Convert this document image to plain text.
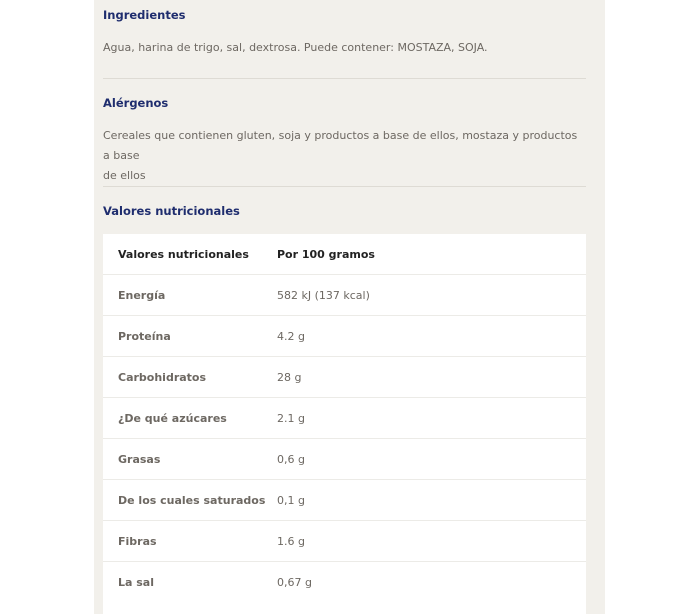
Ingredientes

Agua, harina de trigo, sal, dextrosa. Puede contener: MOSTAZA, SOJA.

Alérgenos

Cereales que contienen gluten, soja y productos a base de ellos, mostaza y productos a base

de ellos

Valores nutricionales

Valores nutricionales	Por 100 gramos
Energía	582 kJ (137 kcal)
Proteína	4.2 g
Carbohidratos	28 g
¿De qué azúcares	2.1 g
Grasas	0,6 g
De los cuales saturados 0,1 g
Fibras	1.6 g
La sal	0,67 g
